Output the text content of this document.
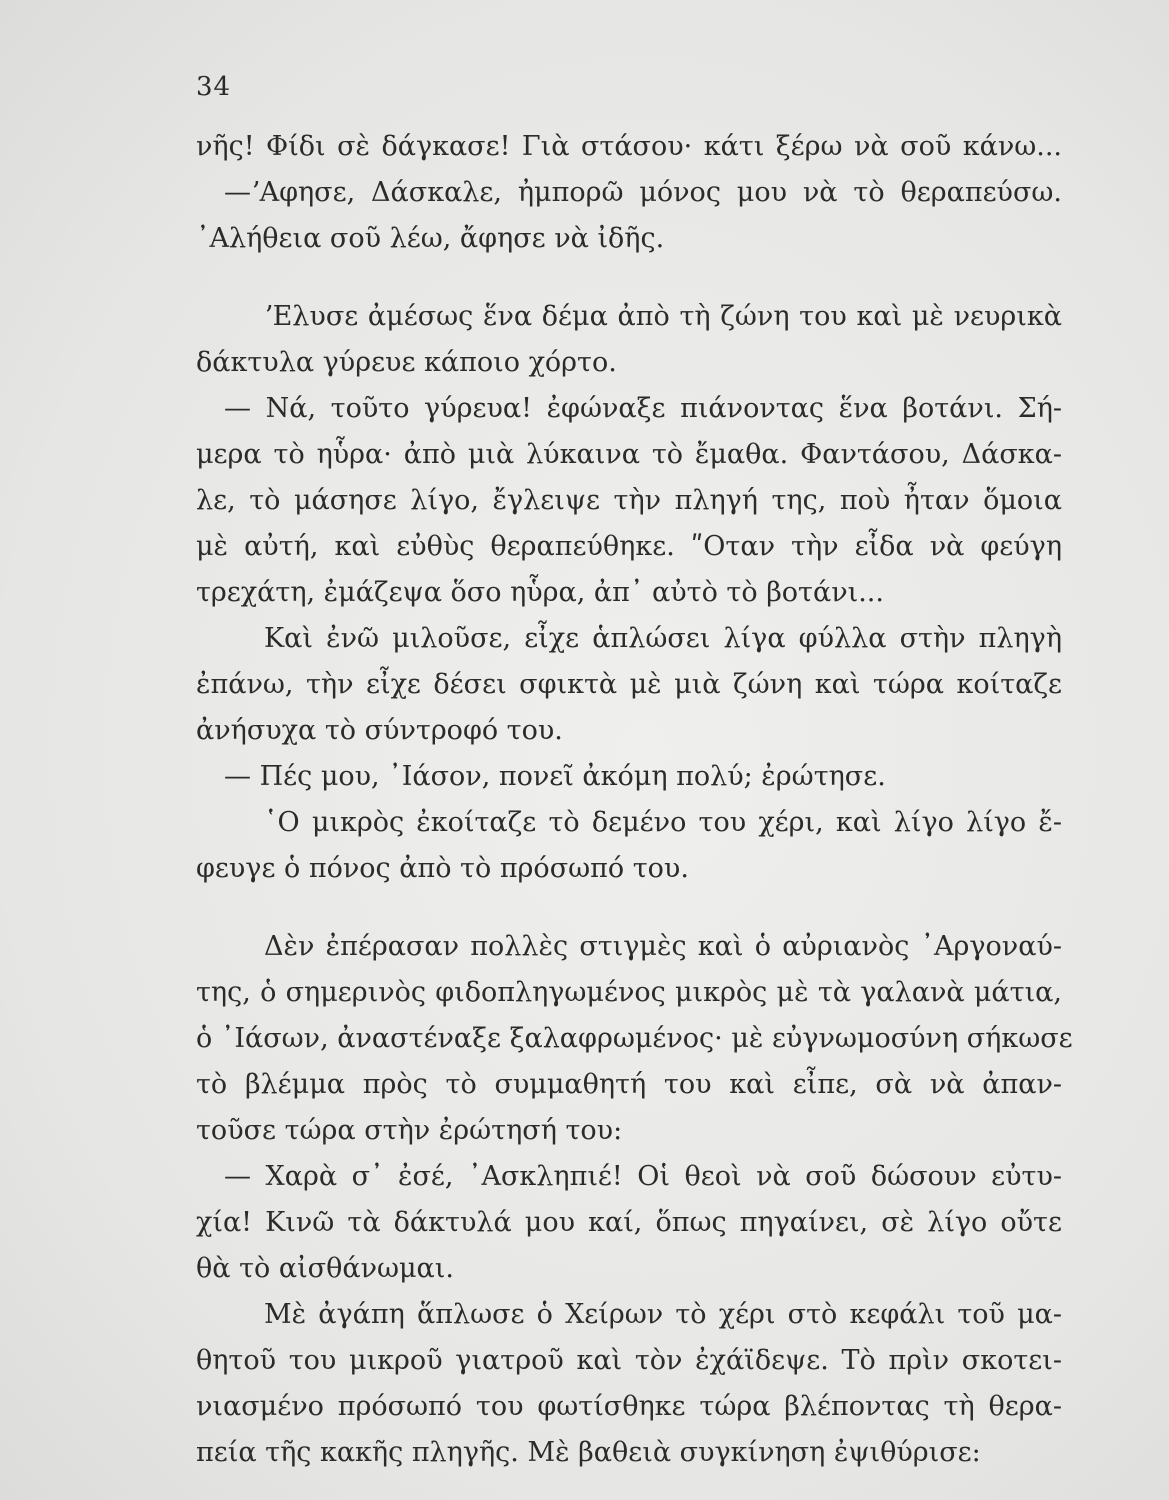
34
νῆς! Φίδι σὲ δάγκασε! Γιὰ στάσου· κάτι ξέρω νὰ σοῦ κάνω...
—ʼΑφησε, Δάσκαλε, ἠμπορῶ μόνος μου νὰ τὸ θεραπεύσω.
᾿Αλήθεια σοῦ λέω, ἄφησε νὰ ἰδῆς.
ʼΕλυσε ἀμέσως ἕνα δέμα ἀπὸ τὴ ζώνη του καὶ μὲ νευρικὰ
δάκτυλα γύρευε κάποιο χόρτο.
— Νά, τοῦτο γύρευα! ἐφώναξε πιάνοντας ἕνα βοτάνι. Σή-
μερα τὸ ηὗρα· ἀπὸ μιὰ λύκαινα τὸ ἔμαθα. Φαντάσου, Δάσκα-
λε, τὸ μάσησε λίγο, ἔγλειψε τὴν πληγή της, ποὺ ἦταν ὅμοια
μὲ αὐτή, καὶ εὐθὺς θεραπεύθηκε. ʺΟταν τὴν εἶδα νὰ φεύγη
τρεχάτη, ἐμάζεψα ὅσο ηὗρα, ἀπ᾿ αὐτὸ τὸ βοτάνι...
Καὶ ἐνῶ μιλοῦσε, εἶχε ἁπλώσει λίγα φύλλα στὴν πληγὴ
ἐπάνω, τὴν εἶχε δέσει σφικτὰ μὲ μιὰ ζώνη καὶ τώρα κοίταζε
ἀνήσυχα τὸ σύντροφό του.
— Πές μου, ᾿Ιάσον, πονεῖ ἀκόμη πολύ; ἐρώτησε.
῾Ο μικρὸς ἐκοίταζε τὸ δεμένο του χέρι, καὶ λίγο λίγο ἔ-
φευγε ὁ πόνος ἀπὸ τὸ πρόσωπό του.
Δὲν ἐπέρασαν πολλὲς στιγμὲς καὶ ὁ αὐριανὸς ᾿Αργοναύ-
της, ὁ σημερινὸς φιδοπληγωμένος μικρὸς μὲ τὰ γαλανὰ μάτια,
ὁ ᾿Ιάσων, ἀναστέναξε ξαλαφρωμένος· μὲ εὐγνωμοσύνη σήκωσε
τὸ βλέμμα πρὸς τὸ συμμαθητή του καὶ εἶπε, σὰ νὰ ἀπαν-
τοῦσε τώρα στὴν ἐρώτησή του:
— Χαρὰ σ᾿ ἐσέ, ᾿Ασκληπιέ! Οἱ θεοὶ νὰ σοῦ δώσουν εὐτυ-
χία! Κινῶ τὰ δάκτυλά μου καί, ὅπως πηγαίνει, σὲ λίγο οὔτε
θὰ τὸ αἰσθάνωμαι.
Μὲ ἀγάπη ἅπλωσε ὁ Χείρων τὸ χέρι στὸ κεφάλι τοῦ μα-
θητοῦ του μικροῦ γιατροῦ καὶ τὸν ἐχάϊδεψε. Τὸ πρὶν σκοτει-
νιασμένο πρόσωπό του φωτίσθηκε τώρα βλέποντας τὴ θερα-
πεία τῆς κακῆς πληγῆς. Μὲ βαθειὰ συγκίνηση ἐψιθύρισε:
